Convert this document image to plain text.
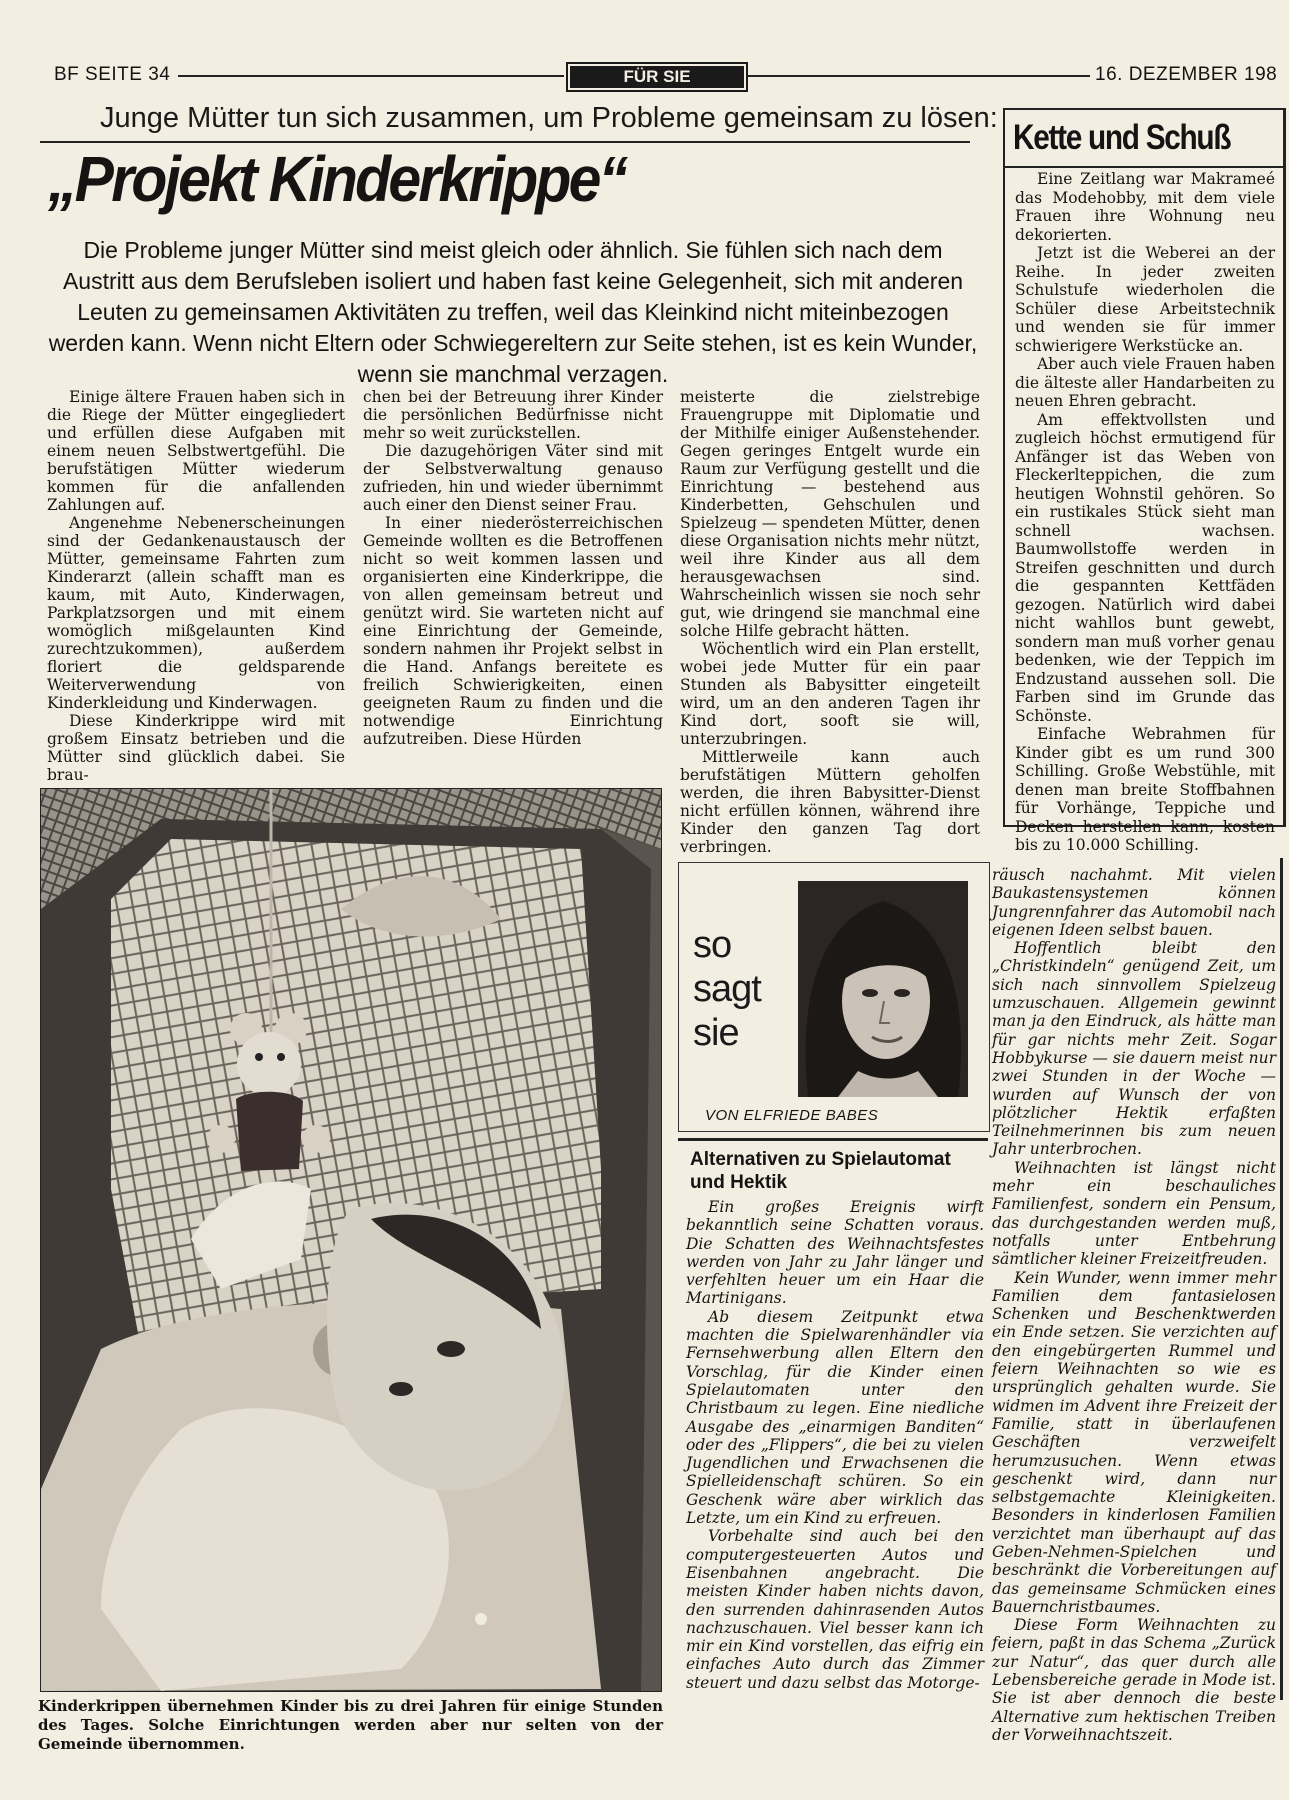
BF SEITE 34	FÜR SIE	16. DEZEMBER 198
Junge Mütter tun sich zusammen, um Probleme gemeinsam zu lösen:
„Projekt Kinderkrippe“
Die Probleme junger Mütter sind meist gleich oder ähnlich. Sie fühlen sich nach dem Austritt aus dem Berufsleben isoliert und haben fast keine Gelegenheit, sich mit anderen Leuten zu gemeinsamen Aktivitäten zu treffen, weil das Kleinkind nicht miteinbezogen werden kann. Wenn nicht Eltern oder Schwiegereltern zur Seite stehen, ist es kein Wunder, wenn sie manchmal verzagen.

Einige ältere Frauen haben sich in die Riege der Mütter eingegliedert und erfüllen diese Aufgaben mit einem neuen Selbstwertgefühl. Die berufstätigen Mütter wiederum kommen für die anfallenden Zahlungen auf.

Angenehme Nebenerscheinungen sind der Gedankenaustausch der Mütter, gemeinsame Fahrten zum Kinderarzt (allein schafft man es kaum, mit Auto, Kinderwagen, Parkplatzsorgen und mit einem womöglich mißgelaunten Kind zurechtzukommen), außerdem floriert die geldsparende Weiterverwendung von Kinderkleidung und Kinderwagen.

Diese Kinderkrippe wird mit großem Einsatz betrieben und die Mütter sind glücklich dabei. Sie brau-

chen bei der Betreuung ihrer Kinder die persönlichen Bedürfnisse nicht mehr so weit zurückstellen.

Die dazugehörigen Väter sind mit der Selbstverwaltung genauso zufrieden, hin und wieder übernimmt auch einer den Dienst seiner Frau.

In einer niederösterreichischen Gemeinde wollten es die Betroffenen nicht so weit kommen lassen und organisierten eine Kinderkrippe, die von allen gemeinsam betreut und genützt wird. Sie warteten nicht auf eine Einrichtung der Gemeinde, sondern nahmen ihr Projekt selbst in die Hand. Anfangs bereitete es freilich Schwierigkeiten, einen geeigneten Raum zu finden und die notwendige Einrichtung aufzutreiben. Diese Hürden

meisterte die zielstrebige Frauengruppe mit Diplomatie und der Mithilfe einiger Außenstehender. Gegen geringes Entgelt wurde ein Raum zur Verfügung gestellt und die Einrichtung — bestehend aus Kinderbetten, Gehschulen und Spielzeug — spendeten Mütter, denen diese Organisation nichts mehr nützt, weil ihre Kinder aus all dem herausgewachsen sind. Wahrscheinlich wissen sie noch sehr gut, wie dringend sie manchmal eine solche Hilfe gebracht hätten.

Wöchentlich wird ein Plan erstellt, wobei jede Mutter für ein paar Stunden als Babysitter eingeteilt wird, um an den anderen Tagen ihr Kind dort, sooft sie will, unterzubringen.

Mittlerweile kann auch berufstätigen Müttern geholfen werden, die ihren Babysitter-Dienst nicht erfüllen können, während ihre Kinder den ganzen Tag dort verbringen.

Kette und Schuß

Eine Zeitlang war Makrameé das Modehobby, mit dem viele Frauen ihre Wohnung neu dekorierten.

Jetzt ist die Weberei an der Reihe. In jeder zweiten Schulstufe wiederholen die Schüler diese Arbeitstechnik und wenden sie für immer schwierigere Werkstücke an.

Aber auch viele Frauen haben die älteste aller Handarbeiten zu neuen Ehren gebracht.

Am effektvollsten und zugleich höchst ermutigend für Anfänger ist das Weben von Fleckerlteppichen, die zum heutigen Wohnstil gehören. So ein rustikales Stück sieht man schnell wachsen. Baumwollstoffe werden in Streifen geschnitten und durch die gespannten Kettfäden gezogen. Natürlich wird dabei nicht wahllos bunt gewebt, sondern man muß vorher genau bedenken, wie der Teppich im Endzustand aussehen soll. Die Farben sind im Grunde das Schönste.

Einfache Webrahmen für Kinder gibt es um rund 300 Schilling. Große Webstühle, mit denen man breite Stoffbahnen für Vorhänge, Teppiche und Decken herstellen kann, kosten bis zu 10.000 Schilling.

Kinderkrippen übernehmen Kinder bis zu drei Jahren für einige Stunden des Tages. Solche Einrichtungen werden aber nur selten von der Gemeinde übernommen.
so
sagt
sie
VON ELFRIEDE BABES
Alternativen zu Spielautomat und Hektik

Ein großes Ereignis wirft bekanntlich seine Schatten voraus. Die Schatten des Weihnachtsfestes werden von Jahr zu Jahr länger und verfehlten heuer um ein Haar die Martinigans.

Ab diesem Zeitpunkt etwa machten die Spielwarenhändler via Fernsehwerbung allen Eltern den Vorschlag, für die Kinder einen Spielautomaten unter den Christbaum zu legen. Eine niedliche Ausgabe des „einarmigen Banditen“ oder des „Flippers“, die bei zu vielen Jugendlichen und Erwachsenen die Spielleidenschaft schüren. So ein Geschenk wäre aber wirklich das Letzte, um ein Kind zu erfreuen.

Vorbehalte sind auch bei den computergesteuerten Autos und Eisenbahnen angebracht. Die meisten Kinder haben nichts davon, den surrenden dahinrasenden Autos nachzuschauen. Viel besser kann ich mir ein Kind vorstellen, das eifrig ein einfaches Auto durch das Zimmer steuert und dazu selbst das Motorge-

räusch nachahmt. Mit vielen Baukastensystemen können Jungrennfahrer das Automobil nach eigenen Ideen selbst bauen.

Hoffentlich bleibt den „Christkindeln“ genügend Zeit, um sich nach sinnvollem Spielzeug umzuschauen. Allgemein gewinnt man ja den Eindruck, als hätte man für gar nichts mehr Zeit. Sogar Hobbykurse — sie dauern meist nur zwei Stunden in der Woche — wurden auf Wunsch der von plötzlicher Hektik erfaßten Teilnehmerinnen bis zum neuen Jahr unterbrochen.

Weihnachten ist längst nicht mehr ein beschauliches Familienfest, sondern ein Pensum, das durchgestanden werden muß, notfalls unter Entbehrung sämtlicher kleiner Freizeitfreuden.

Kein Wunder, wenn immer mehr Familien dem fantasielosen Schenken und Beschenktwerden ein Ende setzen. Sie verzichten auf den eingebürgerten Rummel und feiern Weihnachten so wie es ursprünglich gehalten wurde. Sie widmen im Advent ihre Freizeit der Familie, statt in überlaufenen Geschäften verzweifelt herumzusuchen. Wenn etwas geschenkt wird, dann nur selbstgemachte Kleinigkeiten. Besonders in kinderlosen Familien verzichtet man überhaupt auf das Geben-Nehmen-Spielchen und beschränkt die Vorbereitungen auf das gemeinsame Schmücken eines Bauernchristbaumes.

Diese Form Weihnachten zu feiern, paßt in das Schema „Zurück zur Natur“, das quer durch alle Lebensbereiche gerade in Mode ist. Sie ist aber dennoch die beste Alternative zum hektischen Treiben der Vorweihnachtszeit.
